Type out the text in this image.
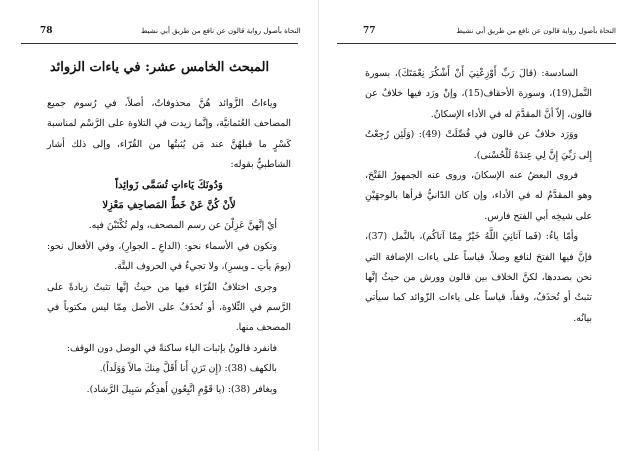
النحاة بأصول رواية قالون عن نافع من طريق أبي نشيط
78
المبحث الخامس عشر: في ياءات الزوائد

وياءاتُ الزَّوائد هُنَّ محذوفاتٌ، أصلاً، في رُسوم جميع المصاحف العُثمانيَّة، وإنَّما زيدت في التلاوة على الرَّسْم لمناسبة كَسْرٍ ما قبلهُنَّ عند مَن يُثبتُها من القُرّاء، وإلى ذلك أشار الشاطبيُّ بقوله:

وَدُونَكَ يَاءاتٍ تُسَمَّى زَوائِداً

لأَنْ كُنَّ عَنْ خَطِّ المَصاحِفِ مَعْزِلا

أيْ إنَّهنَّ عَزِلْنَ عن رسم المصحف، ولم تُكْتَبْنَ فيه.

وتكون في الأسماء نحو: (الداعِ ـ الجوارِ)، وفي الأفعال نحو: (يومَ يأتِ ـ ويسرِ)، ولا تجيءُ في الحروف البتَّة.

وجرى اختلافُ القُرّاء فيها من حيثُ إنَّها تثبتُ زيادةً على الرَّسم في التِّلاوة، أو تُحذَفُ على الأصل مِمّا ليس مكتوباً في المصحف منها.

فانفرد قالونُ بإثبات الياء ساكنةً في الوصل دون الوقف:

بالكهف (38): (إِن تَرَنِ أَنا أَقَلَّ مِنكَ مالاً وَوَلَداً).

وبغافر (38): (يا قَوْمِ اتَّبِعُونِ أَهدِكُم سَبِيلَ الرَّشاد).

النحاة بأصول رواية قالون عن نافع من طريق أبي نشيط
77

السادسة: (قالَ رَبِّ أَوْزِعْنِيَ أَنْ أَشْكُرَ نِعْمَتَكَ)، بسورة النَّمل(19)، وسورة الأحقاف(15)، وإنْ ورَد فيها خلافٌ عن قالون، إلاّ أنَّ المقدَّمَ له في الأداء الإسكانُ.

ووَرَد خلافٌ عن قالون في فُصِّلَتْ (49): (وَلَئِن رُجِعْتُ إِلى رَبِّيَ إِنَّ لِي عِندَهُ لَلْحُسْنى).

فروى البعضُ عنه الإسكانَ، وروى عنه الجمهورُ الفَتْحَ، وهو المقدَّمُ له في الأداء، وإن كان الدّانيُّ قرأها بالوجهَيْنِ على شيخِه أبي الفتح فارس.

وأمّا ياءُ: (فَما آتانِيَ اللَّهُ خَيْرٌ مِمّا آتاكُم)، بالنَّمل (37)، فإنَّ فيها الفتحَ لنافع وصلاً، قياساً على ياءات الإضافة التي نحن بصددها، لكنَّ الخلاف بين قالون وورش من حيثُ إنَّها تثبتُ أو تُحذَفُ، وقفاً، قياساً على ياءات الزّوائد كما سيأتي بيانُه.
